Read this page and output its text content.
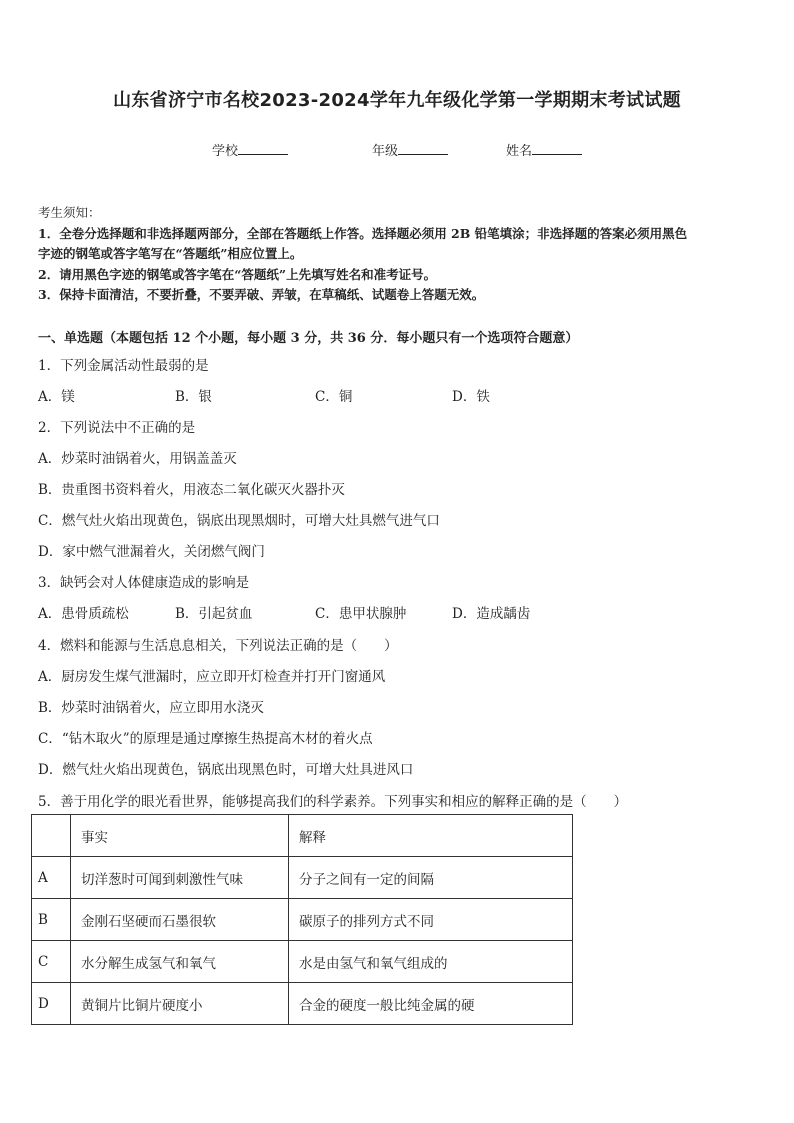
山东省济宁市名校2023-2024学年九年级化学第一学期期末考试试题
学校	年级	姓名
考生须知：
1．全卷分选择题和非选择题两部分，全部在答题纸上作答。选择题必须用 2B 铅笔填涂；非选择题的答案必须用黑色
字迹的钢笔或答字笔写在“答题纸”相应位置上。
2．请用黑色字迹的钢笔或答字笔在“答题纸”上先填写姓名和准考证号。
3．保持卡面清洁，不要折叠，不要弄破、弄皱，在草稿纸、试题卷上答题无效。
一、单选题（本题包括 12 个小题，每小题 3 分，共 36 分．每小题只有一个选项符合题意）
1．下列金属活动性最弱的是
A．镁	B．银	C．铜	D．铁
2．下列说法中不正确的是
A．炒菜时油锅着火，用锅盖盖灭
B．贵重图书资料着火，用液态二氧化碳灭火器扑灭
C．燃气灶火焰出现黄色，锅底出现黑烟时，可增大灶具燃气进气口
D．家中燃气泄漏着火，关闭燃气阀门
3．缺钙会对人体健康造成的影响是
A．患骨质疏松	B．引起贫血	C．患甲状腺肿	D．造成龋齿
4．燃料和能源与生活息息相关，下列说法正确的是（　　）
A．厨房发生煤气泄漏时，应立即开灯检查并打开门窗通风
B．炒菜时油锅着火，应立即用水浇灭
C．“钻木取火”的原理是通过摩擦生热提高木材的着火点
D．燃气灶火焰出现黄色，锅底出现黑色时，可增大灶具进风口
5．善于用化学的眼光看世界，能够提高我们的科学素养。下列事实和相应的解释正确的是（　　）
	事实	解释
A	切洋葱时可闻到刺激性气味	分子之间有一定的间隔
B	金刚石坚硬而石墨很软	碳原子的排列方式不同
C	水分解生成氢气和氧气	水是由氢气和氧气组成的
D	黄铜片比铜片硬度小	合金的硬度一般比纯金属的硬
